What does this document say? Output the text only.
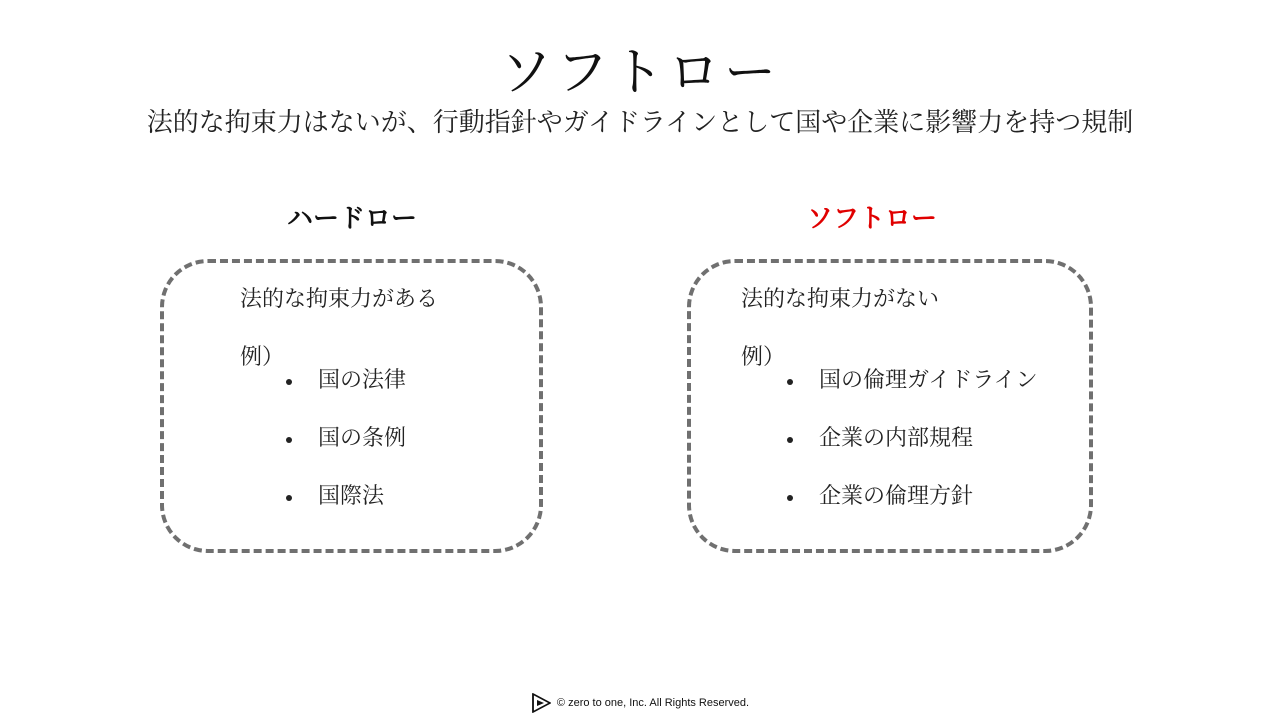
ソフトロー
法的な拘束力はないが、行動指針やガイドラインとして国や企業に影響力を持つ規制
ハードロー
法的な拘束力がある
例）
国の法律
国の条例
国際法
ソフトロー
法的な拘束力がない
例）
国の倫理ガイドライン
企業の内部規程
企業の倫理方針
© zero to one, Inc. All Rights Reserved.
